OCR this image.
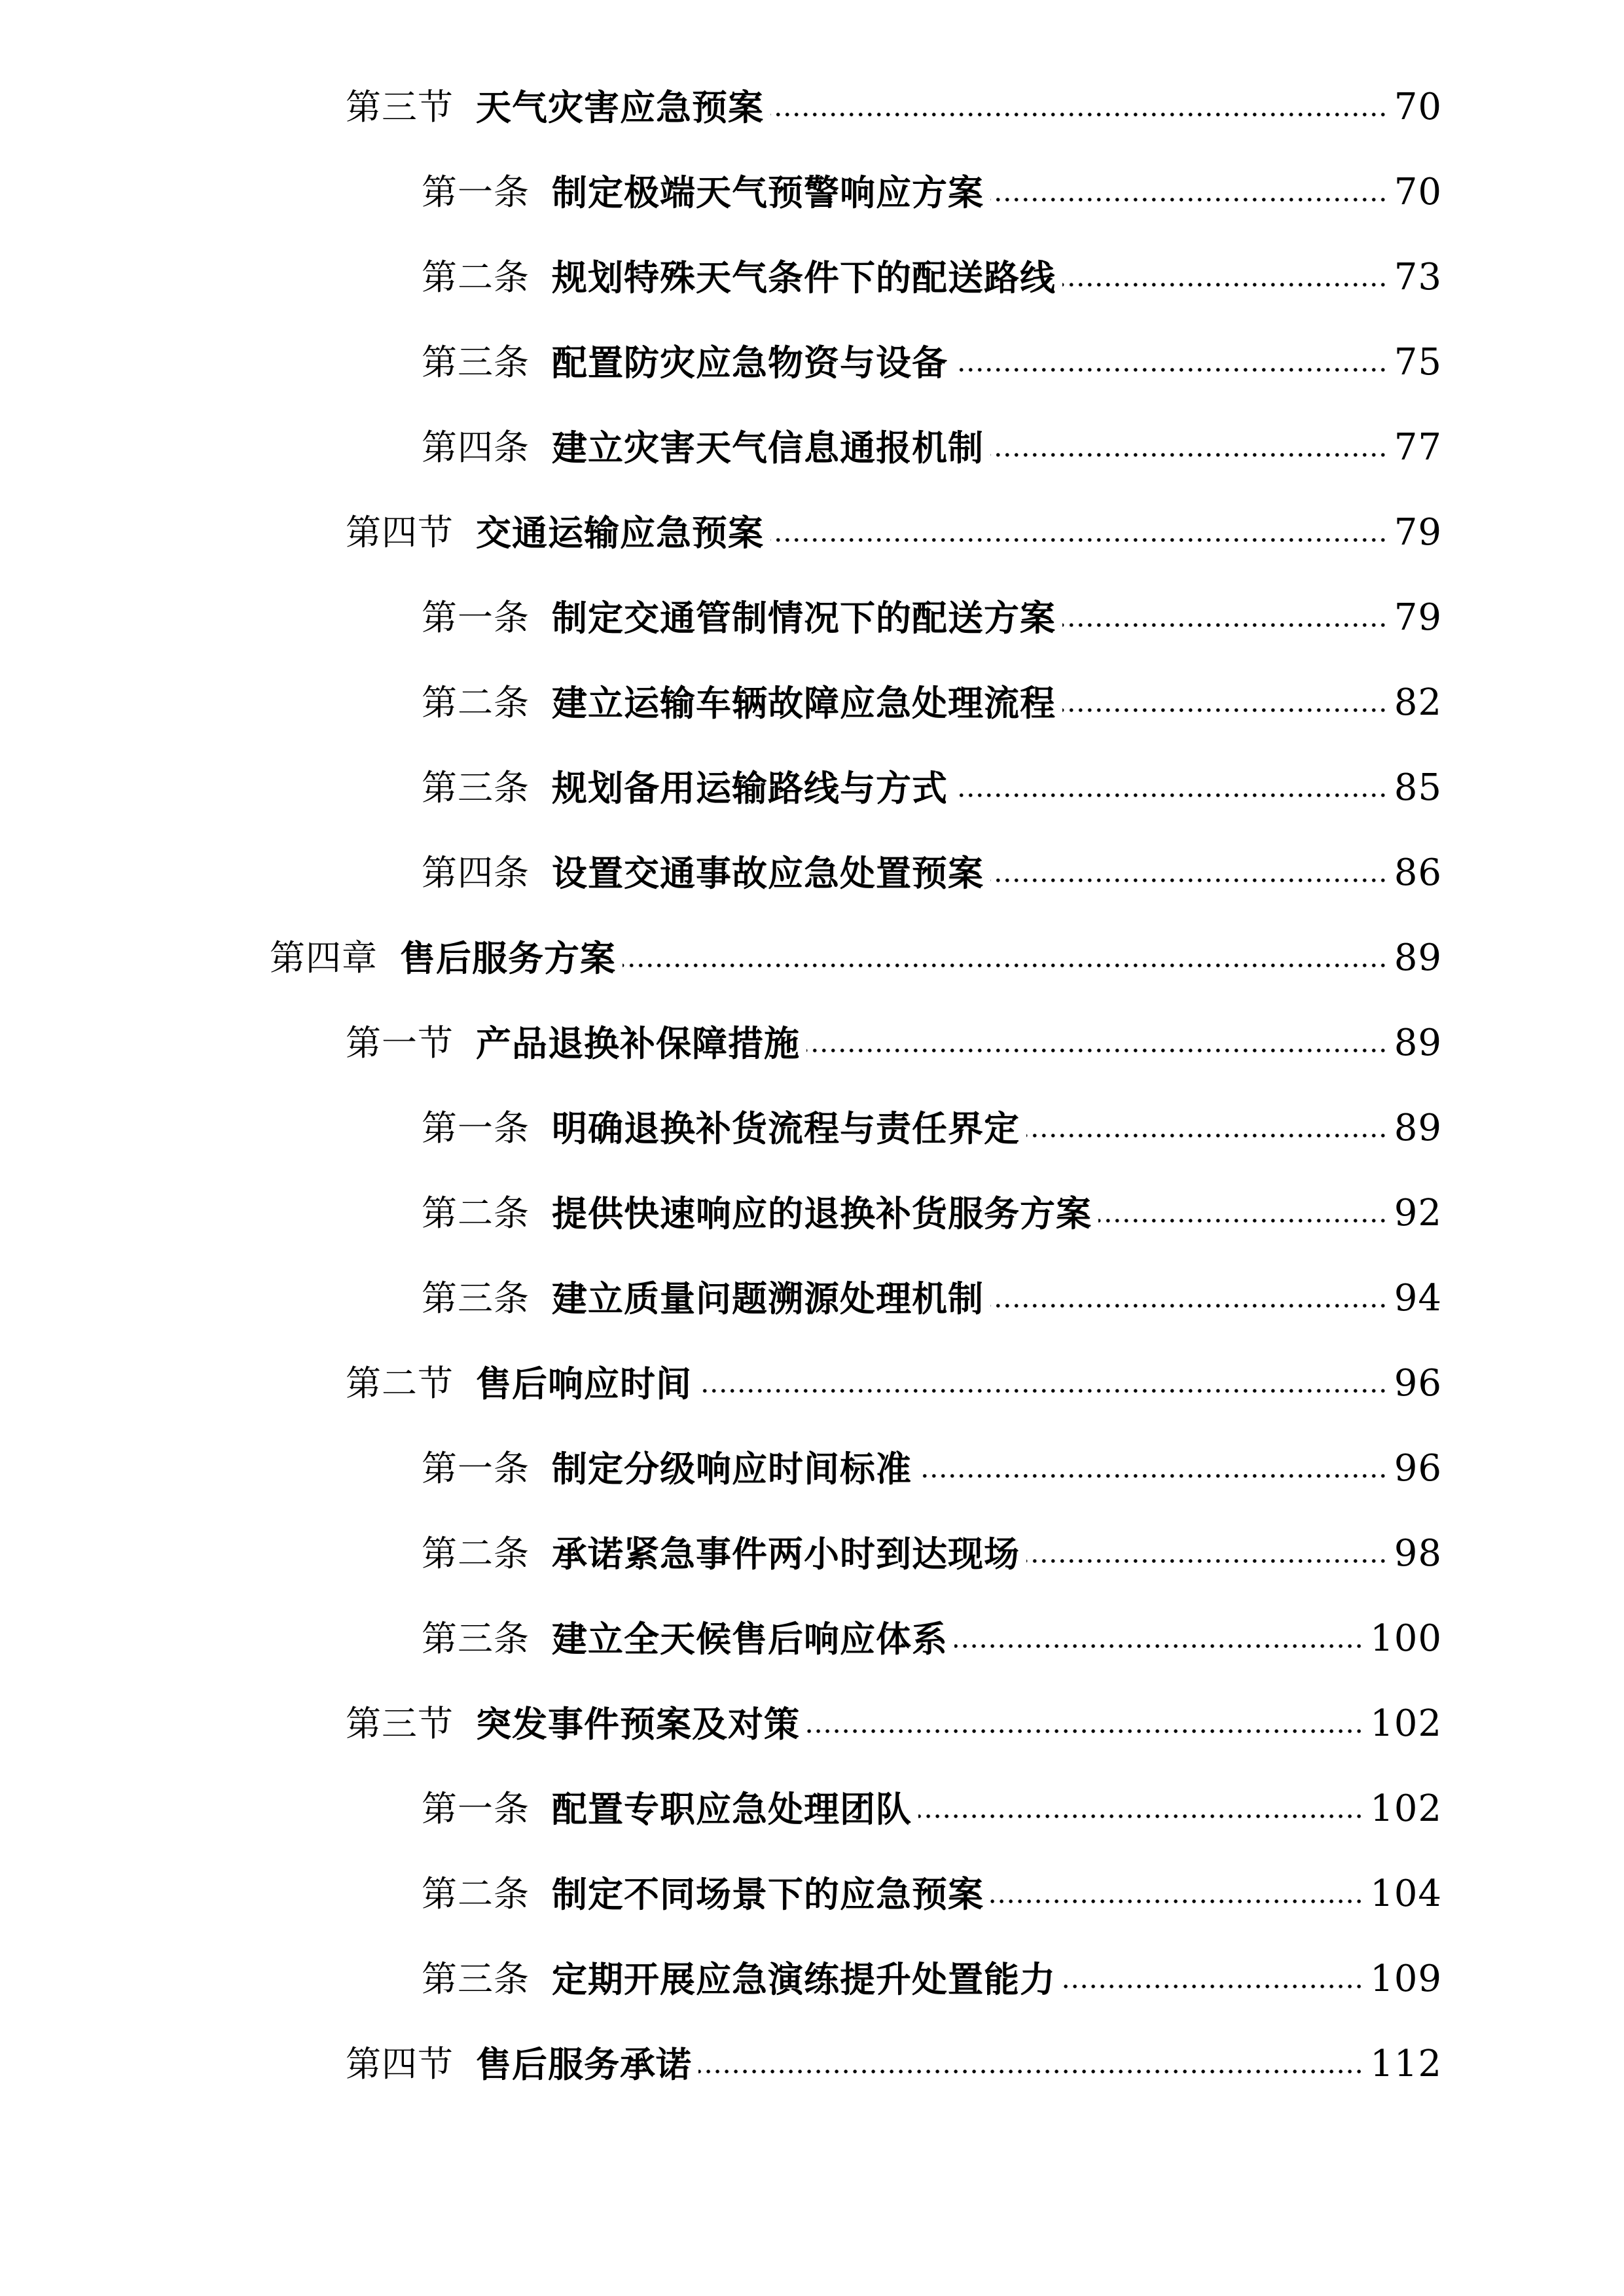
第三节 天气灾害应急预案	70
第一条 制定极端天气预警响应方案	70
第二条 规划特殊天气条件下的配送路线	73
第三条 配置防灾应急物资与设备	75
第四条 建立灾害天气信息通报机制	77
第四节 交通运输应急预案	79
第一条 制定交通管制情况下的配送方案	79
第二条 建立运输车辆故障应急处理流程	82
第三条 规划备用运输路线与方式	85
第四条 设置交通事故应急处置预案	86
第四章 售后服务方案	89
第一节 产品退换补保障措施	89
第一条 明确退换补货流程与责任界定	89
第二条 提供快速响应的退换补货服务方案	92
第三条 建立质量问题溯源处理机制	94
第二节 售后响应时间	96
第一条 制定分级响应时间标准	96
第二条 承诺紧急事件两小时到达现场	98
第三条 建立全天候售后响应体系	100
第三节 突发事件预案及对策	102
第一条 配置专职应急处理团队	102
第二条 制定不同场景下的应急预案	104
第三条 定期开展应急演练提升处置能力	109
第四节 售后服务承诺	112
